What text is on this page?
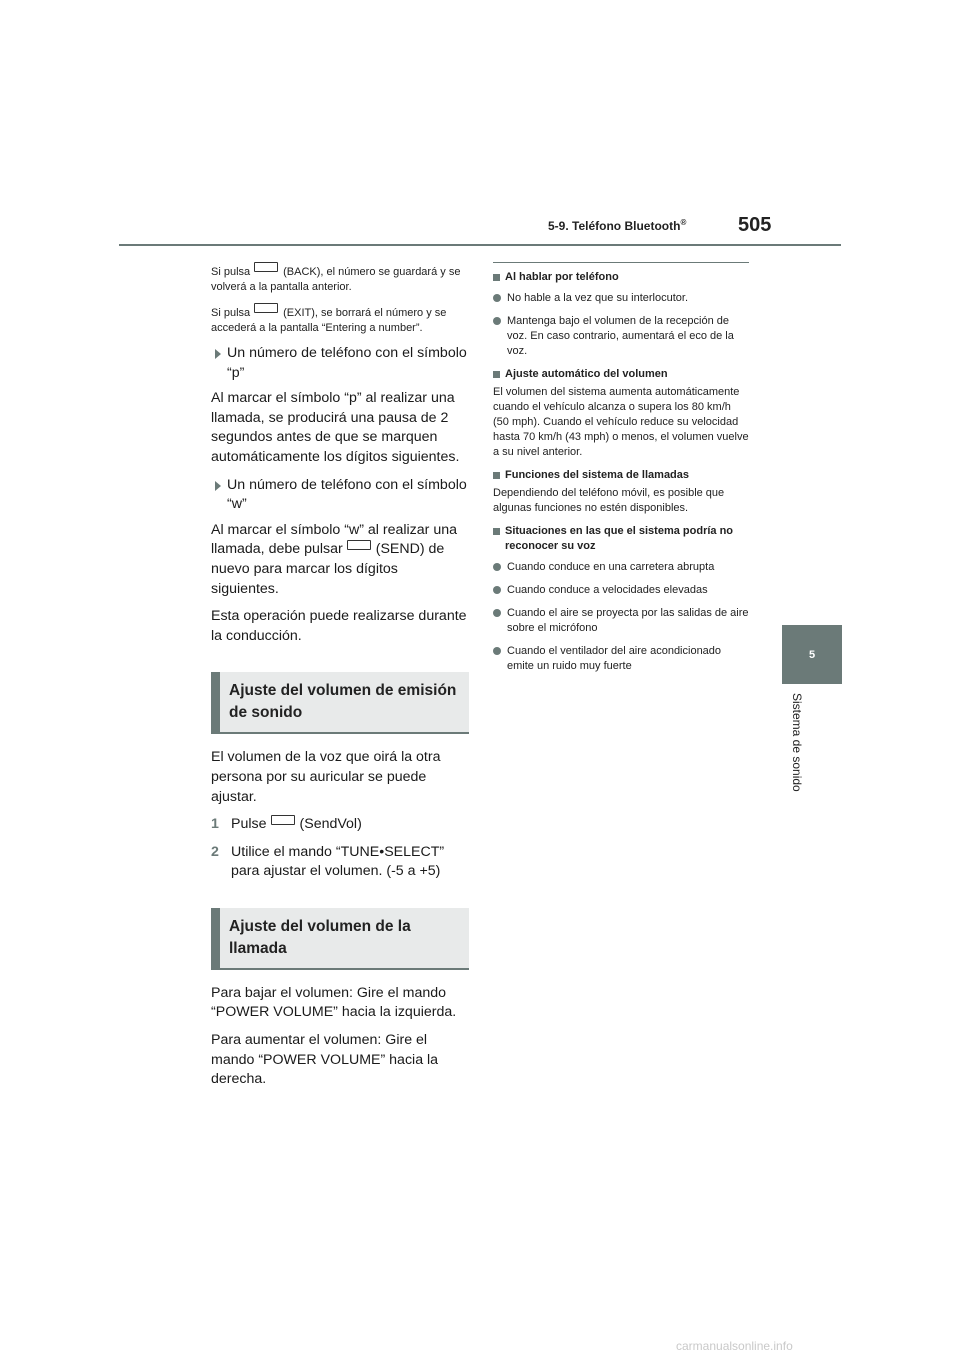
5-9. Teléfono Bluetooth®	505
5
Sistema de sonido
Si pulsa	(BACK), el número se guardará y se volverá a la pantalla anterior.
Si pulsa	(EXIT), se borrará el número y se accederá a la pantalla “Entering a number”.
Un número de teléfono con el símbolo “p”
Al marcar el símbolo “p” al realizar una llamada, se producirá una pausa de 2 segundos antes de que se marquen automáticamente los dígitos siguientes.
Un número de teléfono con el símbolo “w”
Al marcar el símbolo “w” al realizar una llamada, debe pulsar (SEND) de nuevo para marcar los dígitos siguientes.
Esta operación puede realizarse durante la conducción.
Ajuste del volumen de emisión de sonido
El volumen de la voz que oirá la otra persona por su auricular se puede ajustar.
1 Pulse (SendVol)
2 Utilice el mando “TUNE•SELECT” para ajustar el volumen. (-5 a +5)
Ajuste del volumen de la llamada
Para bajar el volumen: Gire el mando “POWER VOLUME” hacia la izquierda.
Para aumentar el volumen: Gire el mando “POWER VOLUME” hacia la derecha.
Al hablar por teléfono
No hable a la vez que su interlocutor.
Mantenga bajo el volumen de la recepción de voz. En caso contrario, aumentará el eco de la voz.
Ajuste automático del volumen
El volumen del sistema aumenta automáticamente cuando el vehículo alcanza o supera los 80 km/h (50 mph). Cuando el vehículo reduce su velocidad hasta 70 km/h (43 mph) o menos, el volumen vuelve a su nivel anterior.
Funciones del sistema de llamadas
Dependiendo del teléfono móvil, es posible que algunas funciones no estén disponibles.
Situaciones en las que el sistema podría no reconocer su voz
Cuando conduce en una carretera abrupta
Cuando conduce a velocidades elevadas
Cuando el aire se proyecta por las salidas de aire sobre el micrófono
Cuando el ventilador del aire acondicionado emite un ruido muy fuerte
carmanualsonline.info
